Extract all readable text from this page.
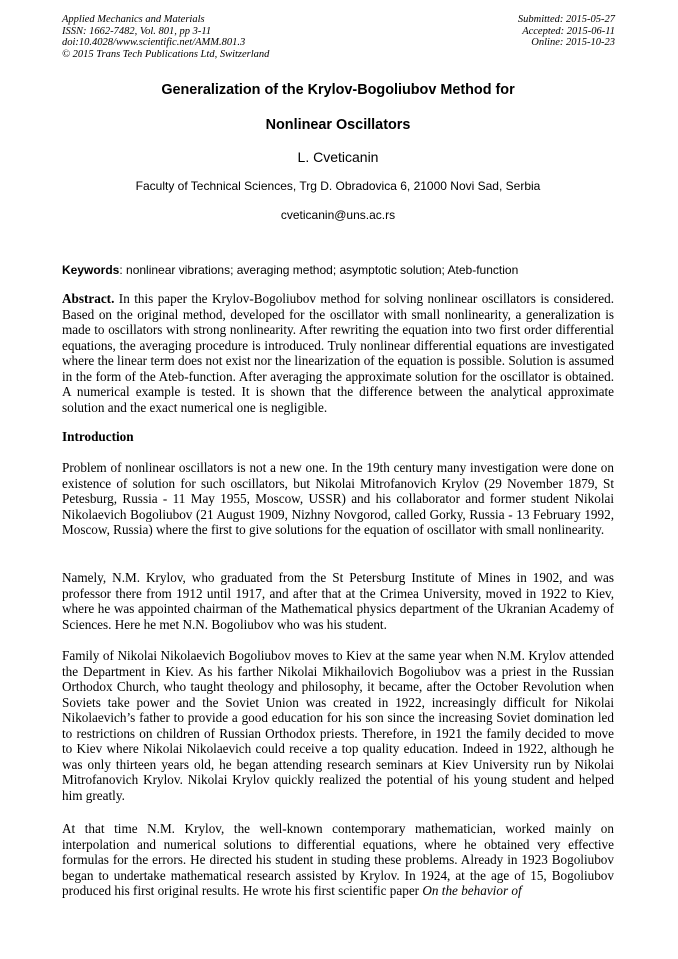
Applied Mechanics and Materials
ISSN: 1662-7482, Vol. 801, pp 3-11
doi:10.4028/www.scientific.net/AMM.801.3
© 2015 Trans Tech Publications Ltd, Switzerland
Submitted: 2015-05-27
Accepted: 2015-06-11
Online: 2015-10-23
Generalization of the Krylov-Bogoliubov Method for
Nonlinear Oscillators
L. Cveticanin
Faculty of Technical Sciences, Trg D. Obradovica 6, 21000 Novi Sad, Serbia
cveticanin@uns.ac.rs
Keywords: nonlinear vibrations; averaging method; asymptotic solution; Ateb-function

Abstract. In this paper the Krylov-Bogoliubov method for solving nonlinear oscillators is considered. Based on the original method, developed for the oscillator with small nonlinearity, a generalization is made to oscillators with strong nonlinearity. After rewriting the equation into two first order differential equations, the averaging procedure is introduced. Truly nonlinear differential equations are investigated where the linear term does not exist nor the linearization of the equation is possible. Solution is assumed in the form of the Ateb-function. After averaging the approximate solution for the oscillator is obtained. A numerical example is tested. It is shown that the difference between the analytical approximate solution and the exact numerical one is negligible.

Introduction

Problem of nonlinear oscillators is not a new one. In the 19th century many investigation were done on existence of solution for such oscillators, but Nikolai Mitrofanovich Krylov (29 November 1879, St Petesburg, Russia - 11 May 1955, Moscow, USSR) and his collaborator and former student Nikolai Nikolaevich Bogoliubov (21 August 1909, Nizhny Novgorod, called Gorky, Russia - 13 February 1992, Moscow, Russia) where the first to give solutions for the equation of oscillator with small nonlinearity.

Namely, N.M. Krylov, who graduated from the St Petersburg Institute of Mines in 1902, and was professor there from 1912 until 1917, and after that at the Crimea University, moved in 1922 to Kiev, where he was appointed chairman of the Mathematical physics department of the Ukranian Academy of Sciences. Here he met N.N. Bogoliubov who was his student.

Family of Nikolai Nikolaevich Bogoliubov moves to Kiev at the same year when N.M. Krylov attended the Department in Kiev. As his farther Nikolai Mikhailovich Bogoliubov was a priest in the Russian Orthodox Church, who taught theology and philosophy, it became, after the October Revolution when Soviets take power and the Soviet Union was created in 1922, increasingly difficult for Nikolai Nikolaevich’s father to provide a good education for his son since the increasing Soviet domination led to restrictions on children of Russian Orthodox priests. Therefore, in 1921 the family decided to move to Kiev where Nikolai Nikolaevich could receive a top quality education. Indeed in 1922, although he was only thirteen years old, he began attending research seminars at Kiev University run by Nikolai Mitrofanovich Krylov. Nikolai Krylov quickly realized the potential of his young student and helped him greatly.

At that time N.M. Krylov, the well-known contemporary mathematician, worked mainly on interpolation and numerical solutions to differential equations, where he obtained very effective formulas for the errors. He directed his student in studing these problems. Already in 1923 Bogoliubov began to undertake mathematical research assisted by Krylov. In 1924, at the age of 15, Bogoliubov produced his first original results. He wrote his first scientific paper On the behavior of
